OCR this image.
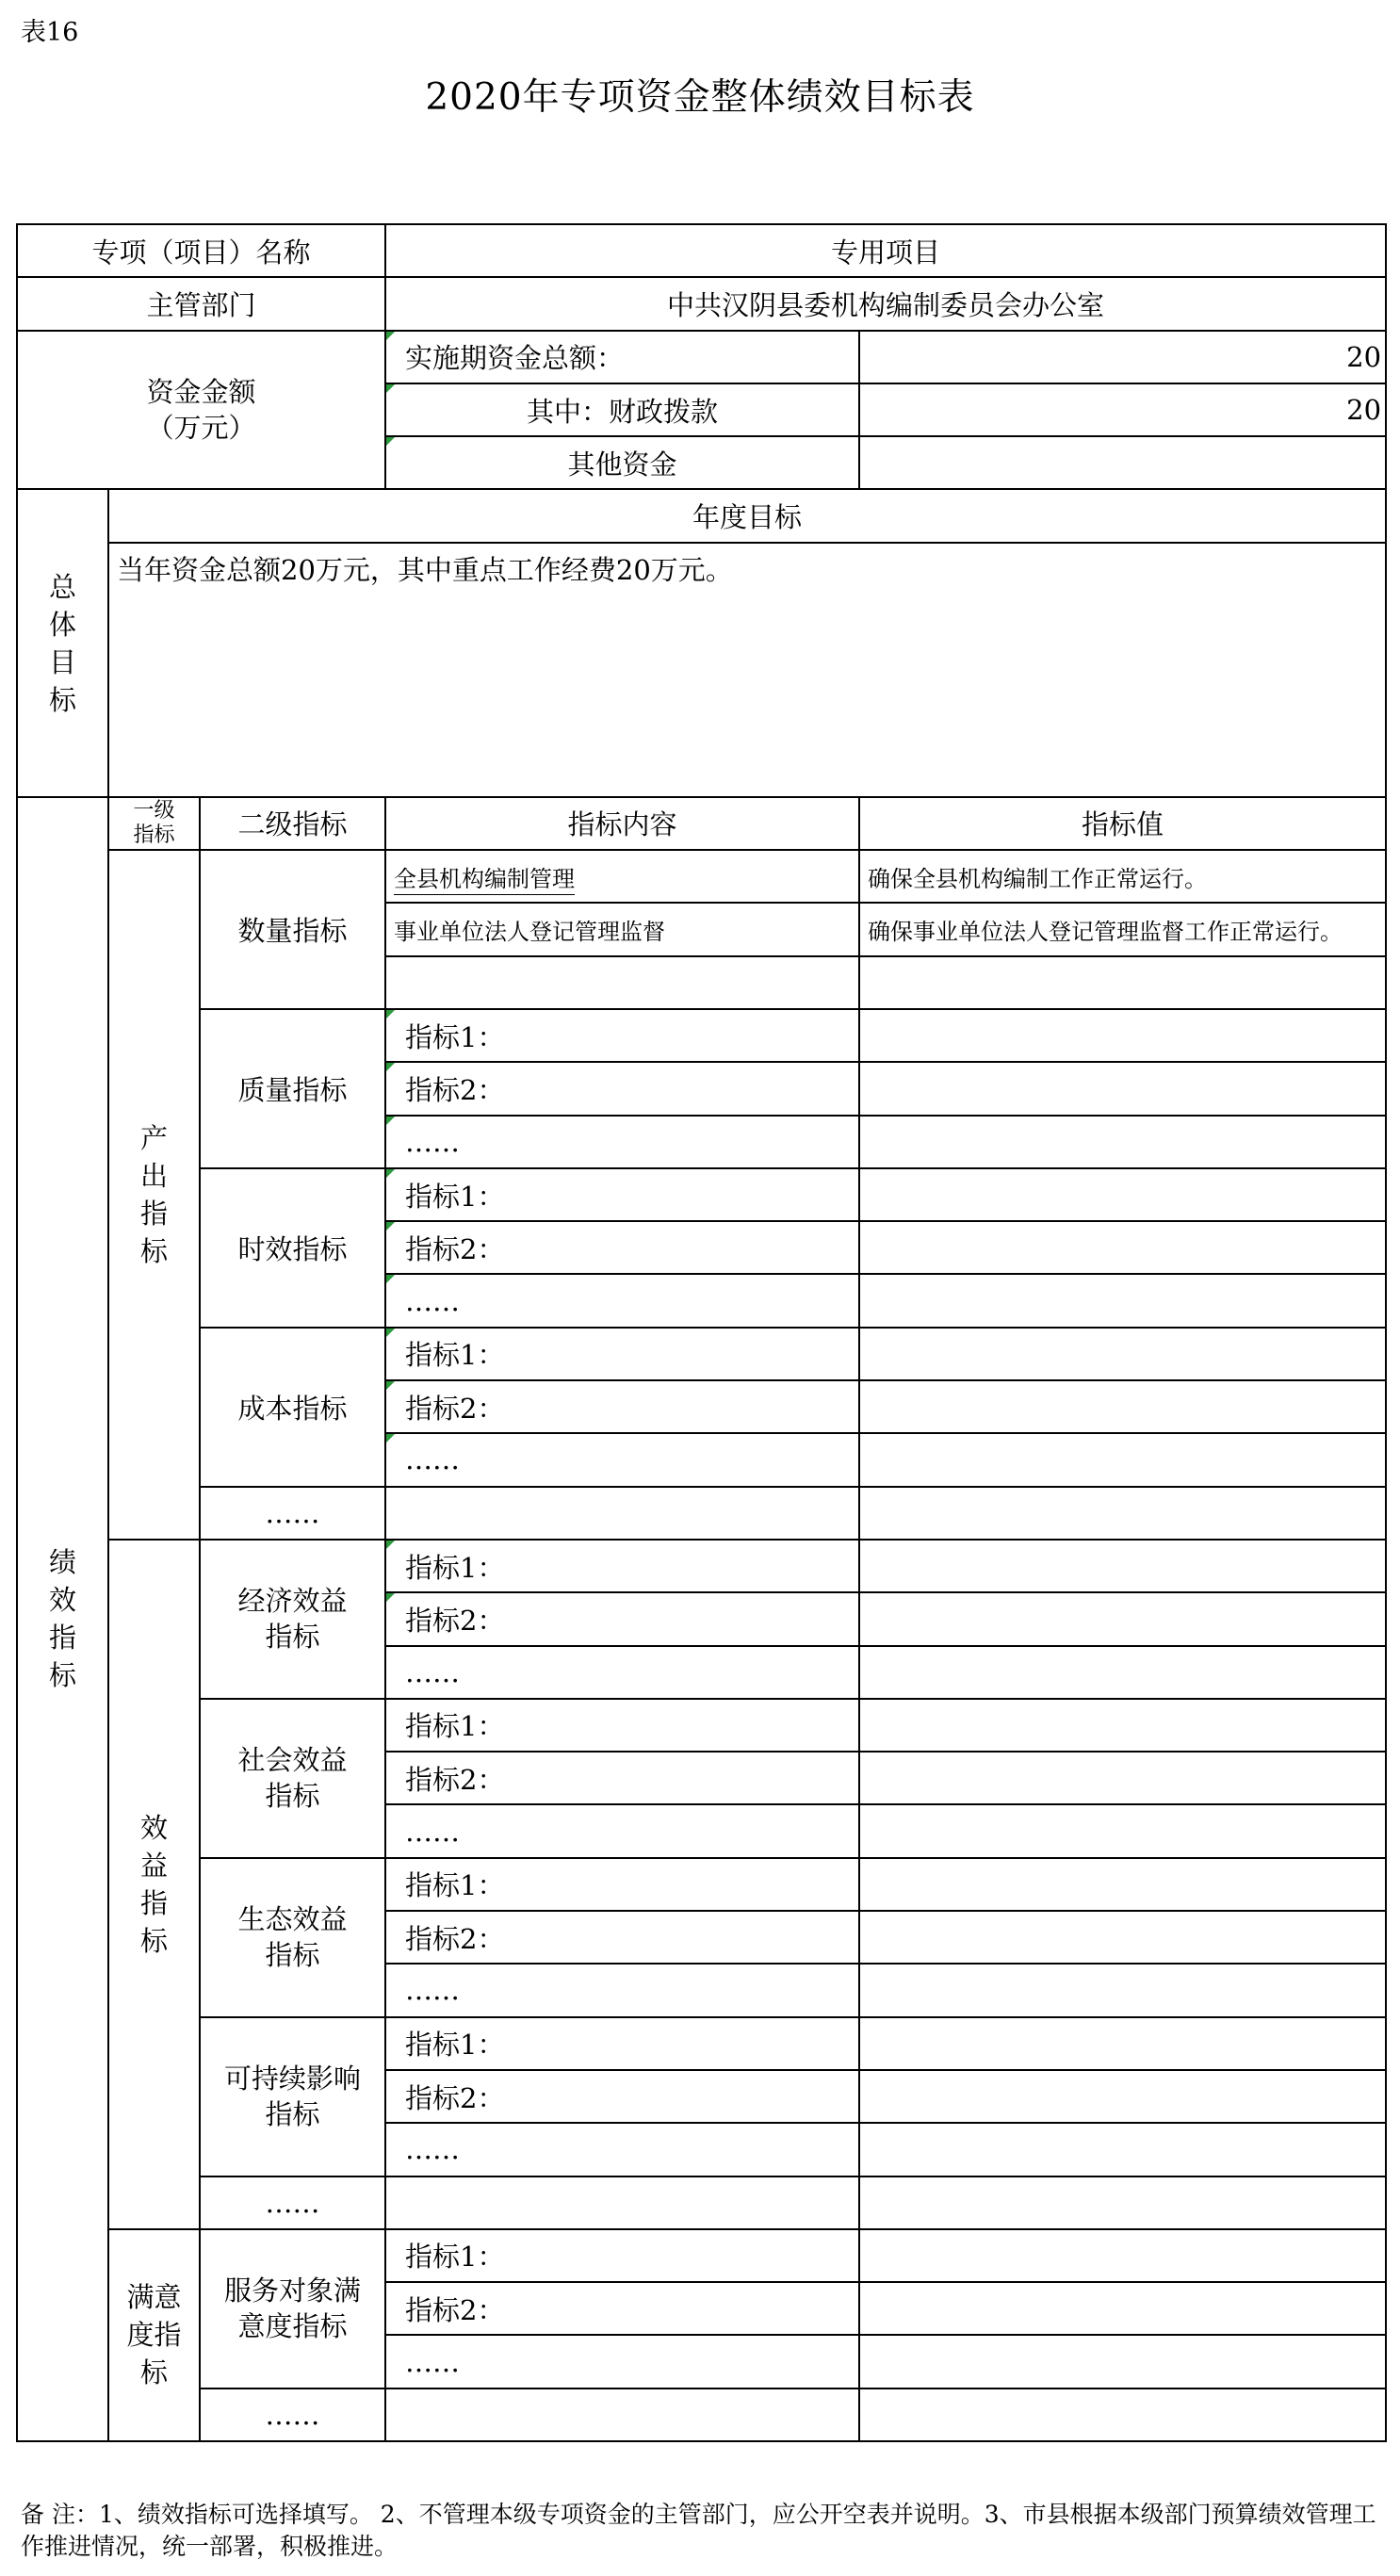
表16
2020年专项资金整体绩效目标表
专项（项目）名称			专用项目	
主管部门			中共汉阴县委机构编制委员会办公室	

资金金额
（万元）			实施期资金总额：	20
			其中：财政拨款	20
			其他资金	
总体目标	年度目标			
	当年资金总额20万元，其中重点工作经费20万元。			
绩效指标	一级指标	二级指标	指标内容	指标值
	产出指标	数量指标	全县机构编制管理	确保全县机构编制工作正常运行。
			事业单位法人登记管理监督	确保事业单位法人登记管理监督工作正常运行。

		质量指标	指标1：	
			指标2：	
			……	
		时效指标	指标1：	
			指标2：	
			……	
		成本指标	指标1：	
			指标2：	
			……	
		……		
	效益指标	经济效益指标	指标1：	
			指标2：	
			……	
		社会效益指标	指标1：	
			指标2：	
			……	
		生态效益指标	指标1：	
			指标2：	
			……	
		可持续影响指标	指标1：	
			指标2：	
			……	
		……		
	满意度指标	服务对象满意度指标	指标1：	
			指标2：	
			……	
		……		
备 注：1、绩效指标可选择填写。 2、不管理本级专项资金的主管部门，应公开空表并说明。3、市县根据本级部门预算绩效管理工作推进情况，统一部署，积极推进。
